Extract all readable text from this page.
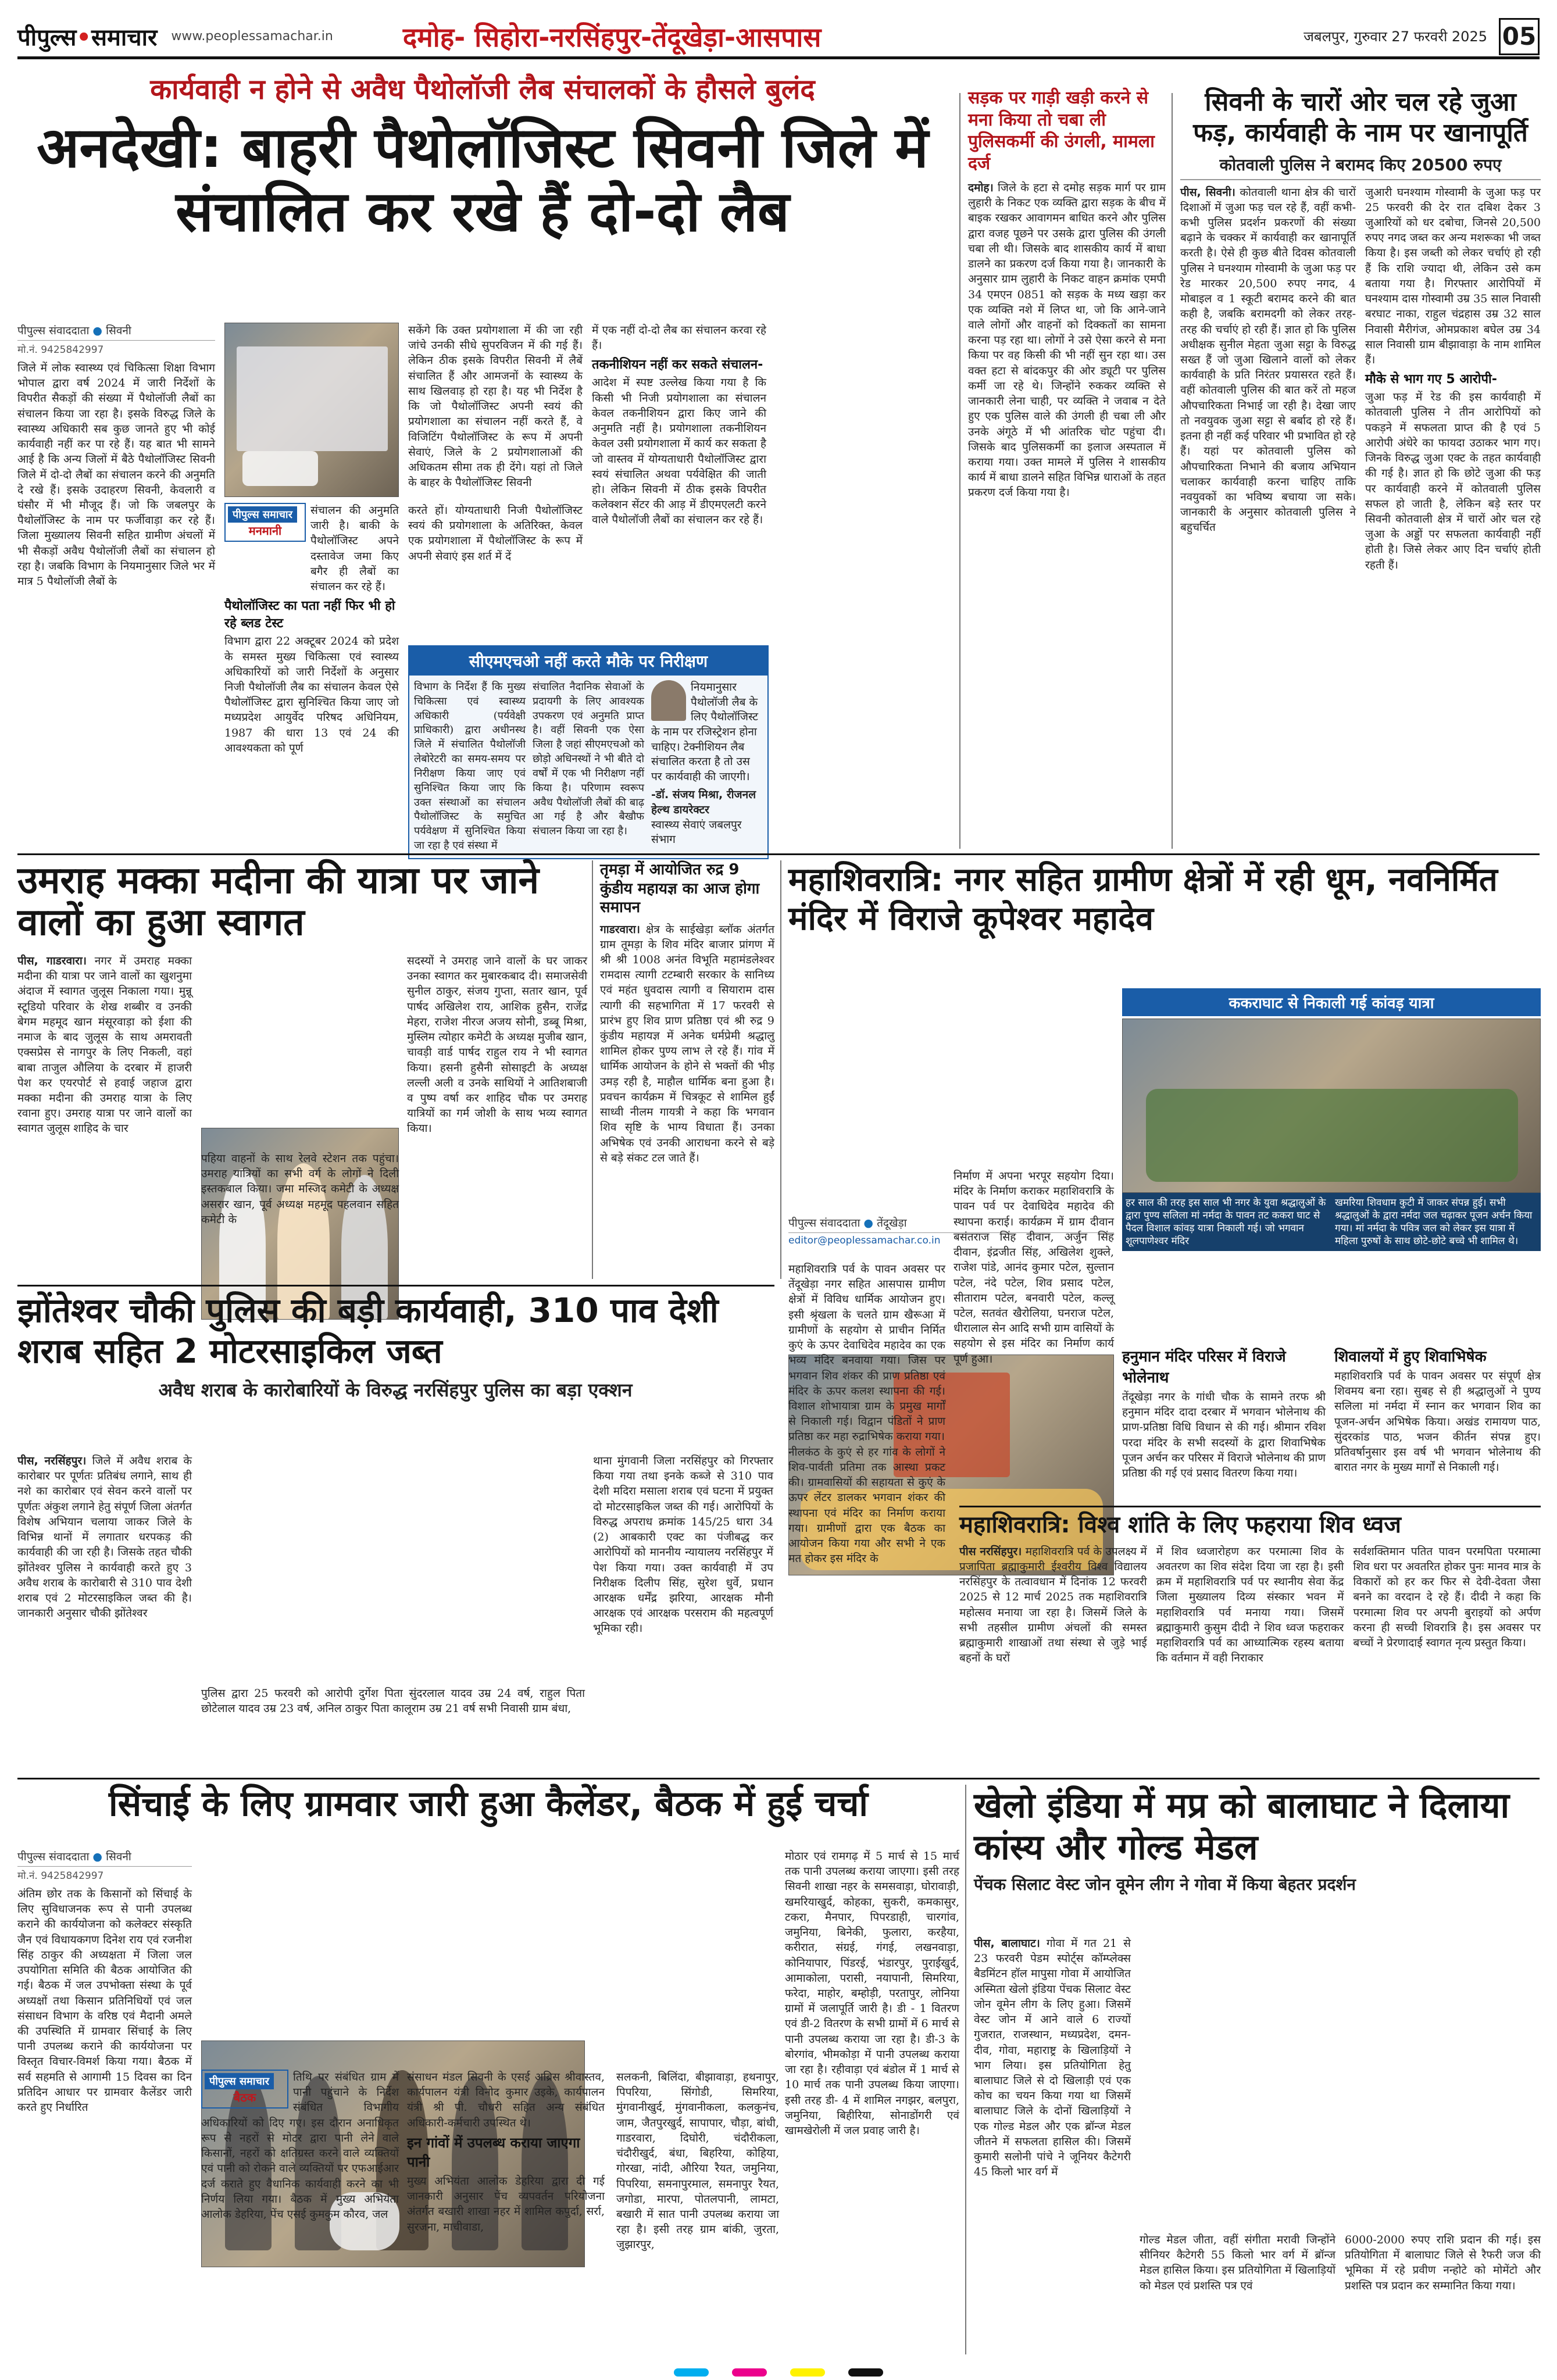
पीपुल्स•समाचार www.peoplessamachar.in	दमोह- सिहोरा-नरसिंहपुर-तेंदूखेड़ा-आसपास	जबलपुर, गुरुवार 27 फरवरी 2025 05
कार्यवाही न होने से अवैध पैथोलॉजी लैब संचालकों के हौसले बुलंद
अनदेखी: बाहरी पैथोलॉजिस्ट सिवनी जिले में संचालित कर रखे हैं दो-दो लैब
पीपुल्स संवाददाता ● सिवनी
मो.नं. 9425842997
जिले में लोक स्वास्थ्य एवं चिकित्सा शिक्षा विभाग भोपाल द्वारा वर्ष 2024 में जारी निर्देशों के विपरीत सैकड़ों की संख्या में पैथोलॉजी लैबों का संचालन किया जा रहा है। इसके विरुद्ध जिले के स्वास्थ्य अधिकारी सब कुछ जानते हुए भी कोई कार्यवाही नहीं कर पा रहे हैं। यह बात भी सामने आई है कि अन्य जिलों में बैठे पैथोलॉजिस्ट सिवनी जिले में दो-दो लैबों का संचालन करने की अनुमति दे रखे हैं। इसके उदाहरण सिवनी, केवलारी व घंसौर में भी मौजूद हैं। जो कि जबलपुर के पैथोलॉजिस्ट के नाम पर फर्जीवाड़ा कर रहे हैं। जिला मुख्यालय सिवनी सहित ग्रामीण अंचलों में भी सैकड़ों अवैध पैथोलॉजी लैबों का संचालन हो रहा है। जबकि विभाग के नियमानुसार जिले भर में मात्र 5 पैथोलॉजी लैबों के
पीपुल्स समाचार
मनमानी
संचालन की अनुमति जारी है। बाकी के पैथोलॉजिस्ट अपने दस्तावेज जमा किए बगैर ही लैबों का संचालन कर रहे हैं।
पैथोलॉजिस्ट का पता नहीं फिर भी हो रहे ब्लड टेस्ट
विभाग द्वारा 22 अक्टूबर 2024 को प्रदेश के समस्त मुख्य चिकित्सा एवं स्वास्थ्य अधिकारियों को जारी निर्देशों के अनुसार निजी पैथोलॉजी लैब का संचालन केवल ऐसे पैथोलॉजिस्ट द्वारा सुनिश्चित किया जाए जो मध्यप्रदेश आयुर्वेद परिषद अधिनियम, 1987 की धारा 13 एवं 24 की आवश्यकता को पूर्ण
करते हों। योग्यताधारी निजी पैथोलॉजिस्ट स्वयं की प्रयोगशाला के अतिरिक्त, केवल एक प्रयोगशाला में पैथोलॉजिस्ट के रूप में अपनी सेवाएं इस शर्त में दें
सकेंगे कि उक्त प्रयोगशाला में की जा रही जांचे उनकी सीधे सुपरविजन में की गई हैं। लेकिन ठीक इसके विपरीत सिवनी में लैबें संचालित हैं और आमजनों के स्वास्थ्य के साथ खिलवाड़ हो रहा है। यह भी निर्देश है कि जो पैथोलॉजिस्ट अपनी स्वयं की प्रयोगशाला का संचालन नहीं करते हैं, वे विजिटिंग पैथोलॉजिस्ट के रूप में अपनी सेवाएं, जिले के 2 प्रयोगशालाओं की अधिकतम सीमा तक ही देंगे। यहां तो जिले के बाहर के पैथोलॉजिस्ट सिवनी
में एक नहीं दो-दो लैब का संचालन करवा रहे हैं।
तकनीशियन नहीं कर सकते संचालन-
आदेश में स्पष्ट उल्लेख किया गया है कि किसी भी निजी प्रयोगशाला का संचालन केवल तकनीशियन द्वारा किए जाने की अनुमति नहीं है। प्रयोगशाला तकनीशियन केवल उसी प्रयोगशाला में कार्य कर सकता है जो वास्तव में योग्यताधारी पैथोलॉजिस्ट द्वारा स्वयं संचालित अथवा पर्यवेक्षित की जाती हो। लेकिन सिवनी में ठीक इसके विपरीत कलेक्शन सेंटर की आड़ में डीएमएलटी करने वाले पैथोलॉजी लैबों का संचालन कर रहे हैं।
सीएमएचओ नहीं करते मौके पर निरीक्षण
विभाग के निर्देश हैं कि मुख्य चिकित्सा एवं स्वास्थ्य अधिकारी (पर्यवेक्षी प्राधिकारी) द्वारा अधीनस्थ जिले में संचालित पैथोलॉजी लेबोरेटरी का समय-समय पर निरीक्षण किया जाए एवं सुनिश्चित किया जाए कि उक्त संस्थाओं का संचालन पैथोलॉजिस्ट के समुचित पर्यवेक्षण में सुनिश्चित किया जा रहा है एवं संस्था में
संचालित नैदानिक सेवाओं के प्रदायगी के लिए आवश्यक उपकरण एवं अनुमति प्राप्त है। वहीं सिवनी एक ऐसा जिला है जहां सीएमएचओ को छोड़ो अधिनस्थों ने भी बीते दो वर्षों में एक भी निरीक्षण नहीं किया है। परिणाम स्वरूप अवैध पैथोलॉजी लैबों की बाढ़ आ गई है और बैखौफ संचालन किया जा रहा है।
नियमानुसार पैथोलॉजी लैब के लिए पैथोलॉजिस्ट के नाम पर रजिस्ट्रेशन होना चाहिए। टेक्नीशियन लैब संचालित करता है तो उस पर कार्यवाही की जाएगी।
-डॉ. संजय मिश्रा, रीजनल हेल्थ डायरेक्टर
स्वास्थ्य सेवाएं जबलपुर संभाग
सड़क पर गाड़ी खड़ी करने से मना किया तो चबा ली पुलिसकर्मी की उंगली, मामला दर्ज
दमोह। जिले के हटा से दमोह सड़क मार्ग पर ग्राम लुहारी के निकट एक व्यक्ति द्वारा सड़क के बीच में बाइक रखकर आवागमन बाधित करने और पुलिस द्वारा वजह पूछने पर उसके द्वारा पुलिस की उंगली चबा ली थी। जिसके बाद शासकीय कार्य में बाधा डालने का प्रकरण दर्ज किया गया है। जानकारी के अनुसार ग्राम लुहारी के निकट वाहन क्रमांक एमपी 34 एमएन 0851 को सड़क के मध्य खड़ा कर एक व्यक्ति नशे में लिप्त था, जो कि आने-जाने वाले लोगों और वाहनों को दिक्कतों का सामना करना पड़ रहा था। लोगों ने उसे ऐसा करने से मना किया पर वह किसी की भी नहीं सुन रहा था। उस वक्त हटा से बांदकपुर की ओर ड्यूटी पर पुलिस कर्मी जा रहे थे। जिन्होंने रुककर व्यक्ति से जानकारी लेना चाही, पर व्यक्ति ने जवाब न देते हुए एक पुलिस वाले की उंगली ही चबा ली और उनके अंगूठे में भी आंतरिक चोट पहुंचा दी। जिसके बाद पुलिसकर्मी का इलाज अस्पताल में कराया गया। उक्त मामले में पुलिस ने शासकीय कार्य में बाधा डालने सहित विभिन्न धाराओं के तहत प्रकरण दर्ज किया गया है।
सिवनी के चारों ओर चल रहे जुआ फड़, कार्यवाही के नाम पर खानापूर्ति
कोतवाली पुलिस ने बरामद किए 20500 रुपए
पीस, सिवनी। कोतवाली थाना क्षेत्र की चारों दिशाओं में जुआ फड़ चल रहे हैं, वहीं कभी-कभी पुलिस प्रदर्शन प्रकरणों की संख्या बढ़ाने के चक्कर में कार्यवाही कर खानापूर्ति करती है। ऐसे ही कुछ बीते दिवस कोतवाली पुलिस ने घनश्याम गोस्वामी के जुआ फड़ पर रेड मारकर 20,500 रुपए नगद, 4 मोबाइल व 1 स्कूटी बरामद करने की बात कही है, जबकि बरामदगी को लेकर तरह-तरह की चर्चाएं हो रही हैं। ज्ञात हो कि पुलिस अधीक्षक सुनील मेहता जुआ सट्टा के विरुद्ध सख्त हैं जो जुआ खिलाने वालों को लेकर कार्यवाही के प्रति निरंतर प्रयासरत रहते हैं। वहीं कोतवाली पुलिस की बात करें तो महज औपचारिकता निभाई जा रही है। देखा जाए तो नवयुवक जुआ सट्टा से बर्बाद हो रहे हैं। इतना ही नहीं कई परिवार भी प्रभावित हो रहे हैं। यहां पर कोतवाली पुलिस को औपचारिकता निभाने की बजाय अभियान चलाकर कार्यवाही करना चाहिए ताकि नवयुवकों का भविष्य बचाया जा सके। जानकारी के अनुसार कोतवाली पुलिस ने बहुचर्चित
जुआरी घनश्याम गोस्वामी के जुआ फड़ पर 25 फरवरी की देर रात दबिश देकर 3 जुआरियों को धर दबोचा, जिनसे 20,500 रुपए नगद जब्त कर अन्य मशरूका भी जब्त किया है। इस जब्ती को लेकर चर्चाएं हो रही हैं कि राशि ज्यादा थी, लेकिन उसे कम बताया गया है। गिरफ्तार आरोपियों में घनश्याम दास गोस्वामी उम्र 35 साल निवासी बरघाट नाका, राहुल चंद्रहास उम्र 32 साल निवासी मैरीगंज, ओमप्रकाश बघेल उम्र 34 साल निवासी ग्राम बीझावाड़ा के नाम शामिल हैं।
मौके से भाग गए 5 आरोपी-
जुआ फड़ में रेड की इस कार्यवाही में कोतवाली पुलिस ने तीन आरोपियों को पकड़ने में सफलता प्राप्त की है एवं 5 आरोपी अंधेरे का फायदा उठाकर भाग गए। जिनके विरुद्ध जुआ एक्ट के तहत कार्यवाही की गई है। ज्ञात हो कि छोटे जुआ की फड़ पर कार्यवाही करने में कोतवाली पुलिस सफल हो जाती है, लेकिन बड़े स्तर पर सिवनी कोतवाली क्षेत्र में चारों ओर चल रहे जुआ के अड्डों पर सफलता कार्यवाही नहीं होती है। जिसे लेकर आए दिन चर्चाएं होती रहती हैं।
उमराह मक्का मदीना की यात्रा पर जाने वालों का हुआ स्वागत
पीस, गाडरवारा। नगर में उमराह मक्का मदीना की यात्रा पर जाने वालों का खुशनुमा अंदाज में स्वागत जुलूस निकाला गया। मुन्नू स्टूडियो परिवार के शेख शब्बीर व उनकी बेगम महमूद खान मंसूरवाड़ा को ईशा की नमाज के बाद जुलूस के साथ अमरावती एक्सप्रेस से नागपुर के लिए निकली, वहां बाबा ताजुल औलिया के दरबार में हाजरी पेश कर एयरपोर्ट से हवाई जहाज द्वारा मक्का मदीना की उमराह यात्रा के लिए रवाना हुए। उमराह यात्रा पर जाने वालों का स्वागत जुलूस शाहिद के चार
पहिया वाहनों के साथ रेलवे स्टेशन तक पहुंचा। उमराह यात्रियों का सभी वर्ग के लोगों ने दिली इस्तकबाल किया। जमा मस्जिद कमेटी के अध्यक्ष असरार खान, पूर्व अध्यक्ष महमूद पहलवान सहित कमेटी के
सदस्यों ने उमराह जाने वालों के घर जाकर उनका स्वागत कर मुबारकबाद दी। समाजसेवी सुनील ठाकुर, संजय गुप्ता, सतार खान, पूर्व पार्षद अखिलेश राय, आशिक हुसैन, राजेंद्र मेहरा, राजेश नीरज अजय सोनी, डब्बू मिश्रा, मुस्लिम त्योहार कमेटी के अध्यक्ष मुजीब खान, चावड़ी वार्ड पार्षद राहुल राय ने भी स्वागत किया। हसनी हुसैनी सोसाइटी के अध्यक्ष लल्ली अली व उनके साथियों ने आतिशबाजी व पुष्प वर्षा कर शाहिद चौक पर उमराह यात्रियों का गर्म जोशी के साथ भव्य स्वागत किया।
तृमड़ा में आयोजित रुद्र 9 कुंडीय महायज्ञ का आज होगा समापन
गाडरवारा। क्षेत्र के साईखेड़ा ब्लॉक अंतर्गत ग्राम तूमड़ा के शिव मंदिर बाजार प्रांगण में श्री श्री 1008 अनंत विभूति महामंडलेश्वर रामदास त्यागी टटम्बारी सरकार के सानिध्य एवं महंत धुवदास त्यागी व सियाराम दास त्यागी की सहभागिता में 17 फरवरी से प्रारंभ हुए शिव प्राण प्रतिष्ठा एवं श्री रुद्र 9 कुंडीय महायज्ञ में अनेक धर्मप्रेमी श्रद्धालु शामिल होकर पुण्य लाभ ले रहे हैं। गांव में धार्मिक आयोजन के होने से भक्तों की भीड़ उमड़ रही है, माहौल धार्मिक बना हुआ है। प्रवचन कार्यक्रम में चित्रकूट से शामिल हुईं साध्वी नीलम गायत्री ने कहा कि भगवान शिव सृष्टि के भाग्य विधाता हैं। उनका अभिषेक एवं उनकी आराधना करने से बड़े से बड़े संकट टल जाते हैं।
महाशिवरात्रि: नगर सहित ग्रामीण क्षेत्रों में रही धूम, नवनिर्मित मंदिर में विराजे कूपेश्वर महादेव
ककराघाट से निकाली गई कांवड़ यात्रा
हर साल की तरह इस साल भी नगर के युवा श्रद्धालुओं के द्वारा पुण्य सलिला मां नर्मदा के पावन तट ककरा घाट से पैदल विशाल कांवड़ यात्रा निकाली गई। जो भगवान शूलपाणेश्वर मंदिर
खमरिया शिवधाम कुटी में जाकर संपन्न हुई। सभी श्रद्धालुओं के द्वारा नर्मदा जल चढ़ाकर पूजन अर्चन किया गया। मां नर्मदा के पवित्र जल को लेकर इस यात्रा में महिला पुरुषों के साथ छोटे-छोटे बच्चे भी शामिल थे।
पीपुल्स संवाददाता ● तेंदूखेड़ा
editor@peoplessamachar.co.in
महाशिवरात्रि पर्व के पावन अवसर पर तेंदूखेड़ा नगर सहित आसपास ग्रामीण क्षेत्रों में विविध धार्मिक आयोजन हुए। इसी श्रृंखला के चलते ग्राम खैरूआ में ग्रामीणों के सहयोग से प्राचीन निर्मित कुएं के ऊपर देवाधिदेव महादेव का एक भव्य मंदिर बनवाया गया। जिस पर भगवान शिव शंकर की प्राण प्रतिष्ठा एवं मंदिर के ऊपर कलश स्थापना की गई। विशाल शोभायात्रा ग्राम के प्रमुख मार्गों से निकाली गई। विद्वान पंडितों ने प्राण प्रतिष्ठा कर महा रुद्राभिषेक कराया गया।
नीलकंठ के कुएं से हर गांव के लोगों ने शिव-पार्वती प्रतिमा तक आस्था प्रकट की। ग्रामवासियों की सहायता से कुएं के ऊपर लेंटर डालकर भगवान शंकर की स्थापना एवं मंदिर का निर्माण कराया गया। ग्रामीणों द्वारा एक बैठक का आयोजन किया गया और सभी ने एक मत होकर इस मंदिर के
निर्माण में अपना भरपूर सहयोग दिया। मंदिर के निर्माण कराकर महाशिवरात्रि के पावन पर्व पर देवाधिदेव महादेव की स्थापना कराई। कार्यक्रम में ग्राम दीवान बसंतराज सिंह दीवान, अर्जुन सिंह दीवान, इंद्रजीत सिंह, अखिलेश शुक्ले, राजेश पांडे, आनंद कुमार पटेल, सुल्तान पटेल, नंदे पटेल, शिव प्रसाद पटेल, सीताराम पटेल, बनवारी पटेल, कल्लू पटेल, सतवंत खैरोलिया, घनराज पटेल, धीरालाल सेन आदि सभी ग्राम वासियों के सहयोग से इस मंदिर का निर्माण कार्य पूर्ण हुआ।	हनुमान मंदिर परिसर में विराजे भोलेनाथ
तेंदूखेड़ा नगर के गांधी चौक के सामने तरफ श्री हनुमान मंदिर दादा दरबार में भगवान भोलेनाथ की प्राण-प्रतिष्ठा विधि विधान से की गई। श्रीमान रविश परदा मंदिर के सभी सदस्यों के द्वारा शिवाभिषेक पूजन अर्चन कर परिसर में विराजे भोलेनाथ की प्राण प्रतिष्ठा की गई एवं प्रसाद वितरण किया गया।
शिवालयों में हुए शिवाभिषेक
महाशिवरात्रि पर्व के पावन अवसर पर संपूर्ण क्षेत्र शिवमय बना रहा। सुबह से ही श्रद्धालुओं ने पुण्य सलिला मां नर्मदा में स्नान कर भगवान शिव का पूजन-अर्चन अभिषेक किया। अखंड रामायण पाठ, सुंदरकांड पाठ, भजन कीर्तन संपन्न हुए। प्रतिवर्षानुसार इस वर्ष भी भगवान भोलेनाथ की बारात नगर के मुख्य मार्गों से निकाली गई।
झोंतेश्वर चौकी पुलिस की बड़ी कार्यवाही, 310 पाव देशी शराब सहित 2 मोटरसाइकिल जब्त
अवैध शराब के कारोबारियों के विरुद्ध नरसिंहपुर पुलिस का बड़ा एक्शन
पीस, नरसिंहपुर। जिले में अवैध शराब के कारोबार पर पूर्णतः प्रतिबंध लगाने, साथ ही नशे का कारोबार एवं सेवन करने वालों पर पूर्णतः अंकुश लगाने हेतु संपूर्ण जिला अंतर्गत विशेष अभियान चलाया जाकर जिले के विभिन्न थानों में लगातार धरपकड़ की कार्यवाही की जा रही है। जिसके तहत चौकी झोंतेश्वर पुलिस ने कार्यवाही करते हुए 3 अवैध शराब के कारोबारी से 310 पाव देशी शराब एवं 2 मोटरसाइकिल जब्त की है। जानकारी अनुसार चौकी झोंतेश्वर
पुलिस द्वारा 25 फरवरी को आरोपी दुर्गेश पिता सुंदरलाल यादव उम्र 24 वर्ष, राहुल पिता छोटेलाल यादव उम्र 23 वर्ष, अनिल ठाकुर पिता कालूराम उम्र 21 वर्ष सभी निवासी ग्राम बंधा,
थाना मुंगवानी जिला नरसिंहपुर को गिरफ्तार किया गया तथा इनके कब्जे से 310 पाव देशी मदिरा मसाला शराब एवं घटना में प्रयुक्त दो मोटरसाइकिल जब्त की गई। आरोपियों के विरुद्ध अपराध क्रमांक 145/25 धारा 34 (2) आबकारी एक्ट का पंजीबद्ध कर आरोपियों को माननीय न्यायालय नरसिंहपुर में पेश किया गया। उक्त कार्यवाही में उप निरीक्षक दिलीप सिंह, सुरेश धुर्वे, प्रधान आरक्षक धर्मेंद्र झरिया, आरक्षक मौनी आरक्षक एवं आरक्षक परसराम की महत्वपूर्ण भूमिका रही।
महाशिवरात्रि: विश्व शांति के लिए फहराया शिव ध्वज
पीस नरसिंहपुर। महाशिवरात्रि पर्व के उपलक्ष्य में प्रजापिता ब्रह्माकुमारी ईश्वरीय विश्व विद्यालय नरसिंहपुर के तत्वावधान में दिनांक 12 फरवरी 2025 से 12 मार्च 2025 तक महाशिवरात्रि महोत्सव मनाया जा रहा है। जिसमें जिले के सभी तहसील ग्रामीण अंचलों की समस्त ब्रह्माकुमारी शाखाओं तथा संस्था से जुड़े भाई बहनों के घरों
में शिव ध्वजारोहण कर परमात्मा शिव के अवतरण का शिव संदेश दिया जा रहा है। इसी क्रम में महाशिवरात्रि पर्व पर स्थानीय सेवा केंद्र जिला मुख्यालय दिव्य संस्कार भवन में महाशिवरात्रि पर्व मनाया गया। जिसमें ब्रह्माकुमारी कुसुम दीदी ने शिव ध्वज फहराकर महाशिवरात्रि पर्व का आध्यात्मिक रहस्य बताया कि वर्तमान में वही निराकार
सर्वशक्तिमान पतित पावन परमपिता परमात्मा शिव धरा पर अवतरित होकर पुनः मानव मात्र के विकारों को हर कर फिर से देवी-देवता जैसा बनने का वरदान दे रहे हैं। दीदी ने कहा कि परमात्मा शिव पर अपनी बुराइयों को अर्पण करना ही सच्ची शिवरात्रि है। इस अवसर पर बच्चों ने प्रेरणादाई स्वागत नृत्य प्रस्तुत किया।
सिंचाई के लिए ग्रामवार जारी हुआ कैलेंडर, बैठक में हुई चर्चा
पीपुल्स संवाददाता ● सिवनी
मो.नं. 9425842997
अंतिम छोर तक के किसानों को सिंचाई के लिए सुविधाजनक रूप से पानी उपलब्ध कराने की कार्ययोजना को कलेक्टर संस्कृति जैन एवं विधायकगण दिनेश राय एवं रजनीश सिंह ठाकुर की अध्यक्षता में जिला जल उपयोगिता समिति की बैठक आयोजित की गई। बैठक में जल उपभोक्ता संस्था के पूर्व अध्यक्षों तथा किसान प्रतिनिधियों एवं जल संसाधन विभाग के वरिष्ठ एवं मैदानी अमले की उपस्थिति में ग्रामवार सिंचाई के लिए पानी उपलब्ध कराने की कार्ययोजना पर विस्तृत विचार-विमर्श किया गया। बैठक में सर्व सहमति से आगामी 15 दिवस का दिन प्रतिदिन आधार पर ग्रामवार कैलेंडर जारी करते हुए निर्धारित
पीपुल्स समाचार
बैठक
तिथि पर संबंधित ग्राम में पानी पहुंचाने के निर्देश संबंधित विभागीय अधिकारियों को दिए गए। इस दौरान अनाधिकृत रूप से नहरों से मोटर द्वारा पानी लेने वाले किसानों, नहरों को क्षतिग्रस्त करने वाले व्यक्तियों एवं पानी को रोकने वाले व्यक्तियों पर एफआईआर दर्ज कराते हुए वैधानिक कार्यवाही करने का भी निर्णय लिया गया। बैठक में मुख्य अभियंता आलोक डेहरिया, पेंच एसई कुमकुम कौरव, जल
संसाधन मंडल सिवनी के एसई अब्रिस श्रीवास्तव, कार्यपालन यंत्री विनोद कुमार उइके, कार्यपालन यंत्री श्री पी. चौधरी सहित अन्य संबंधित अधिकारी-कर्मचारी उपस्थित थे।
इन गांवों में उपलब्ध कराया जाएगा पानी
मुख्य अभियंता आलोक डेहरिया द्वारा दी गई जानकारी अनुसार पेंच व्यपवर्तन परियोजना अंतर्गत बखारी शाखा नहर में शामिल कपुर्दा, सर्रा, सुरजना, माचीवाडा,
सलकनी, बिलिंदा, बीझावाड़ा, हथनापुर, पिपरिया, सिंगोडी, सिमरिया, मुंगवानीखुर्द, मुंगवानीकला, कलकुनंच, जाम, जैतपुरखुर्द, सापापार, चौड़ा, बांधी, गाडरवारा, दिघोरी, चंदौरीकला, चंदौरीखुर्द, बंधा, बिहरिया, कोहिया, गोरखा, नांदी, औरिया रैयत, जमुनिया, पिपरिया, समनापुरमाल, समनापुर रैयत, जगोडा, मारपा, पोतलपानी, लामटा, बखारी में सात पानी उपलब्ध कराया जा रहा है। इसी तरह ग्राम बांकी, जुरता, जुझारपुर,
मोठार एवं रामगढ़ में 5 मार्च से 15 मार्च तक पानी उपलब्ध कराया जाएगा। इसी तरह सिवनी शाखा नहर के समसवाड़ा, घोरावाड़ी, खमरियाखुर्द, कोहका, सुकरी, कमकासुर, टकरा, मैनपार, पिपरडाही, चारगांव, जमुनिया, बिनेकी, फुलारा, करहैया, करीरात, संग्रई, गंगई, लखनवाड़ा, कोनियापार, पिंडरई, भंडारपुर, पुराईखुर्द, आमाकोला, परासी, नयापानी, सिमरिया, फरेदा, माहोर, बम्होड़ी, परतापुर, लोनिया ग्रामों में जलापूर्ति जारी है। डी - 1 वितरण एवं डी-2 वितरण के सभी ग्रामों में 6 मार्च से पानी उपलब्ध कराया जा रहा है। डी-3 के बोरगांव, भीमकोड़ा में पानी उपलब्ध कराया जा रहा है। रहीवाड़ा एवं बंडोल में 1 मार्च से 10 मार्च तक पानी उपलब्ध किया जाएगा। इसी तरह डी- 4 में शामिल नगझर, बलपुरा, जमुनिया, बिहीरिया, सोनाडोंगरी एवं खामखेरोली में जल प्रवाह जारी है।
खेलो इंडिया में मप्र को बालाघाट ने दिलाया कांस्य और गोल्ड मेडल
पेंचक सिलाट वेस्ट जोन वूमेन लीग ने गोवा में किया बेहतर प्रदर्शन
पीस, बालाघाट। गोवा में गत 21 से 23 फरवरी पेडम स्पोर्ट्स कॉम्प्लेक्स बैडमिंटन हॉल मापुसा गोवा में आयोजित अस्मिता खेलो इंडिया पेंचक सिलाट वेस्ट जोन वूमेन लीग के लिए हुआ। जिसमें वेस्ट जोन में आने वाले 6 राज्यों गुजरात, राजस्थान, मध्यप्रदेश, दमन-दीव, गोवा, महाराष्ट्र के खिलाड़ियों ने भाग लिया। इस प्रतियोगिता हेतु बालाघाट जिले से दो खिलाड़ी एवं एक कोच का चयन किया गया था जिसमें बालाघाट जिले के दोनों खिलाड़ियों ने एक गोल्ड मेडल और एक ब्रॉन्ज मेडल जीतने में सफलता हासिल की। जिसमें कुमारी सलोनी पांचे ने जूनियर कैटेगरी 45 किलो भार वर्ग में
गोल्ड मेडल जीता, वहीं संगीता मरावी जिन्होंने सीनियर कैटेगरी 55 किलो भार वर्ग में ब्रॉन्ज मेडल हासिल किया। इस प्रतियोगिता में खिलाड़ियों को मेडल एवं प्रशस्ति पत्र एवं
6000-2000 रुपए राशि प्रदान की गई। इस प्रतियोगिता में बालाघाट जिले से रैफरी जज की भूमिका में रहे प्रवीण नन्होटे को मोमेंटो और प्रशस्ति पत्र प्रदान कर सम्मानित किया गया।
